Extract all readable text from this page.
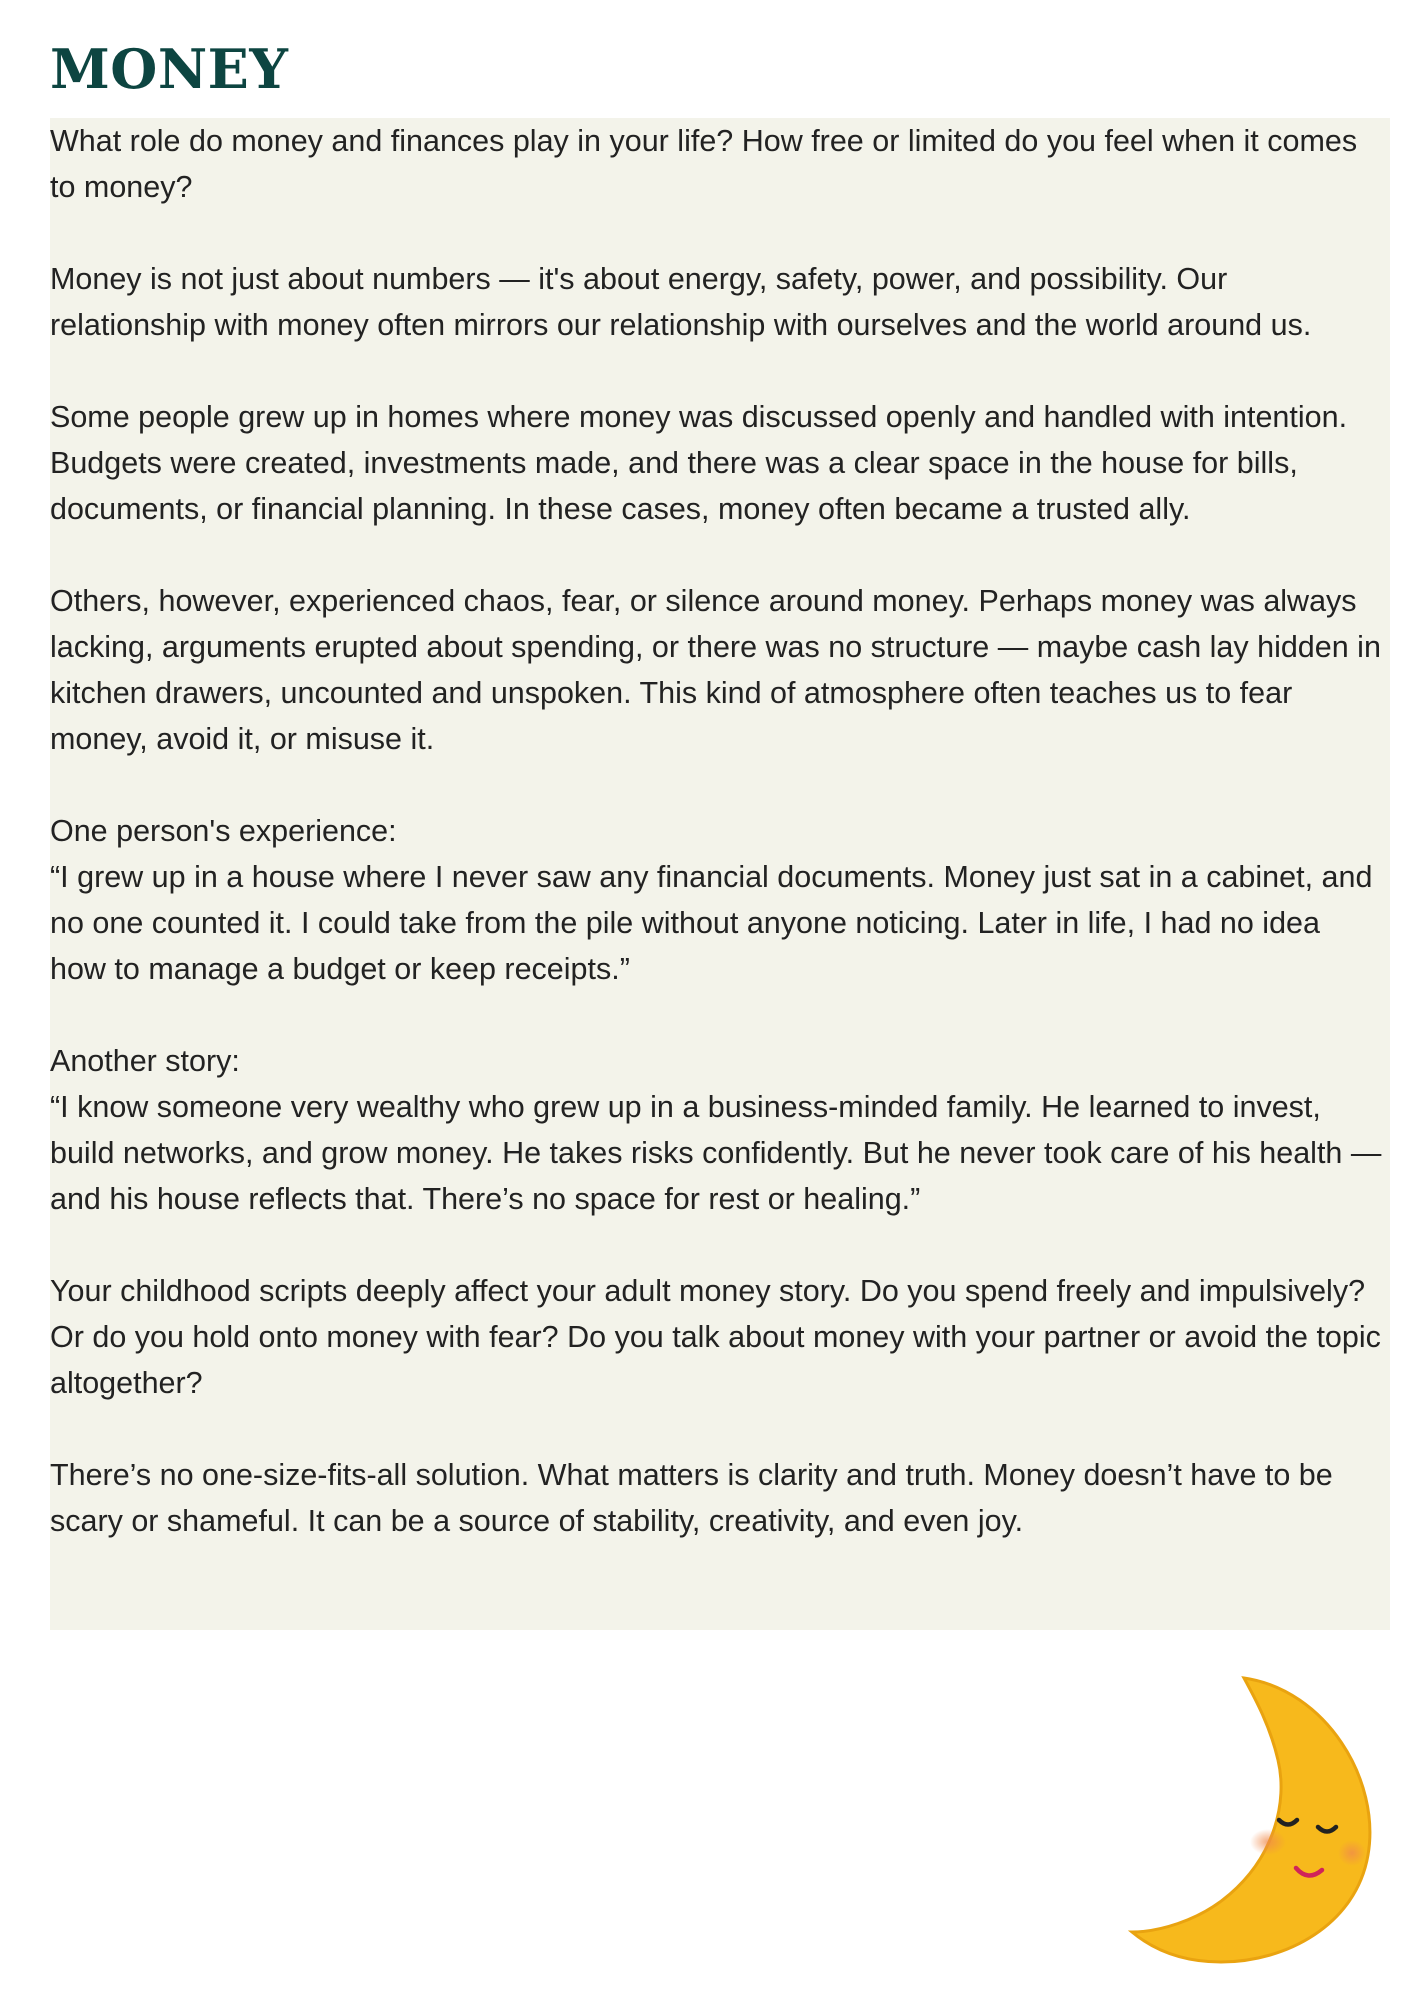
MONEY

What role do money and finances play in your life? How free or limited do you feel when it comes to money?

Money is not just about numbers — it's about energy, safety, power, and possibility. Our relationship with money often mirrors our relationship with ourselves and the world around us.

Some people grew up in homes where money was discussed openly and handled with intention. Budgets were created, investments made, and there was a clear space in the house for bills, documents, or financial planning. In these cases, money often became a trusted ally.

Others, however, experienced chaos, fear, or silence around money. Perhaps money was always lacking, arguments erupted about spending, or there was no structure — maybe cash lay hidden in kitchen drawers, uncounted and unspoken. This kind of atmosphere often teaches us to fear money, avoid it, or misuse it.

One person's experience:
“I grew up in a house where I never saw any financial documents. Money just sat in a cabinet, and no one counted it. I could take from the pile without anyone noticing. Later in life, I had no idea how to manage a budget or keep receipts.”

Another story:
“I know someone very wealthy who grew up in a business-minded family. He learned to invest, build networks, and grow money. He takes risks confidently. But he never took care of his health — and his house reflects that. There’s no space for rest or healing.”

Your childhood scripts deeply affect your adult money story. Do you spend freely and impulsively? Or do you hold onto money with fear? Do you talk about money with your partner or avoid the topic altogether?

There’s no one-size-fits-all solution. What matters is clarity and truth. Money doesn’t have to be scary or shameful. It can be a source of stability, creativity, and even joy.
